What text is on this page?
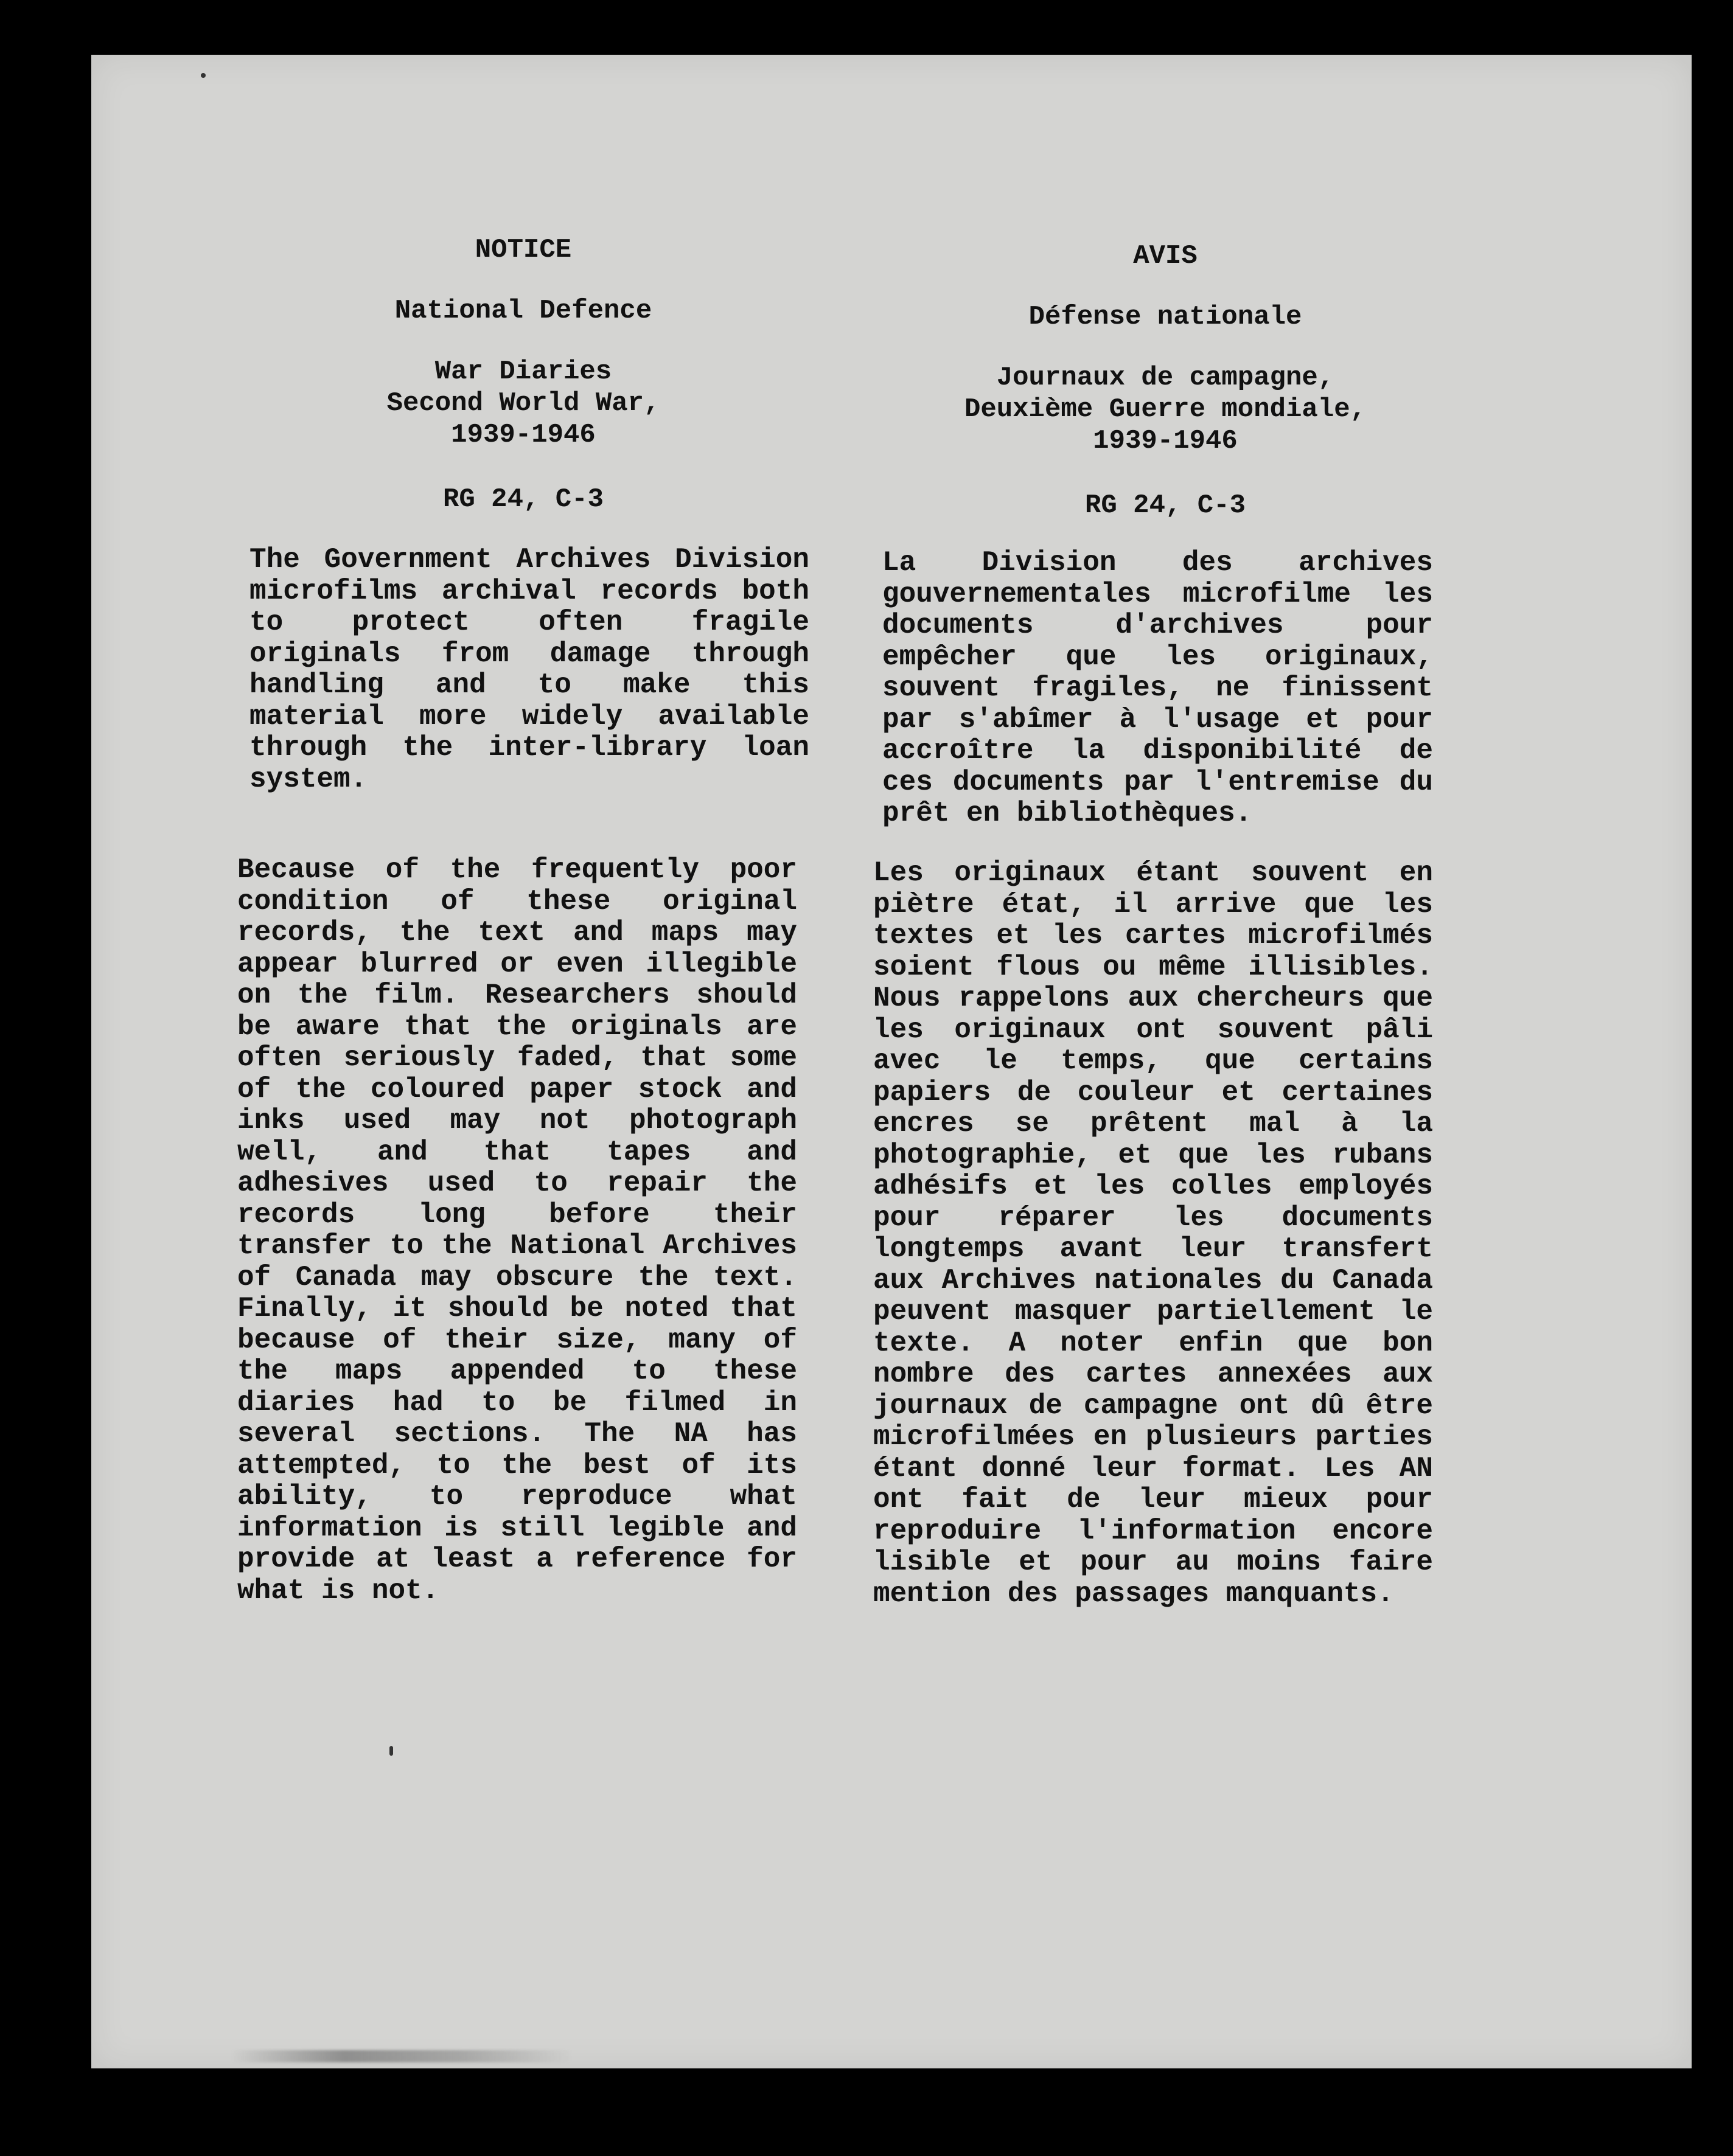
NOTICE

National Defence

War Diaries
Second World War,
1939-1946

RG 24, C-3

The Government Archives Division microfilms archival records both to protect often fragile originals from damage through handling and to make this material more widely available through the inter-library loan system.

Because of the frequently poor condition of these original records, the text and maps may appear blurred or even illegible on the film. Researchers should be aware that the originals are often seriously faded, that some of the coloured paper stock and inks used may not photograph well, and that tapes and adhesives used to repair the records long before their transfer to the National Archives of Canada may obscure the text. Finally, it should be noted that because of their size, many of the maps appended to these diaries had to be filmed in several sections. The NA has attempted, to the best of its ability, to reproduce what information is still legible and provide at least a reference for what is not.

AVIS

Défense nationale

Journaux de campagne,
Deuxième Guerre mondiale,
1939-1946

RG 24, C-3

La Division des archives gouvernementales microfilme les documents d'archives pour empêcher que les originaux, souvent fragiles, ne finissent par s'abîmer à l'usage et pour accroître la disponibilité de ces documents par l'entremise du prêt en bibliothèques.

Les originaux étant souvent en piètre état, il arrive que les textes et les cartes microfilmés soient flous ou même illisibles. Nous rappelons aux chercheurs que les originaux ont souvent pâli avec le temps, que certains papiers de couleur et certaines encres se prêtent mal à la photographie, et que les rubans adhésifs et les colles employés pour réparer les documents longtemps avant leur transfert aux Archives nationales du Canada peuvent masquer partiellement le texte. A noter enfin que bon nombre des cartes annexées aux journaux de campagne ont dû être microfilmées en plusieurs parties étant donné leur format. Les AN ont fait de leur mieux pour reproduire l'information encore lisible et pour au moins faire mention des passages manquants.
